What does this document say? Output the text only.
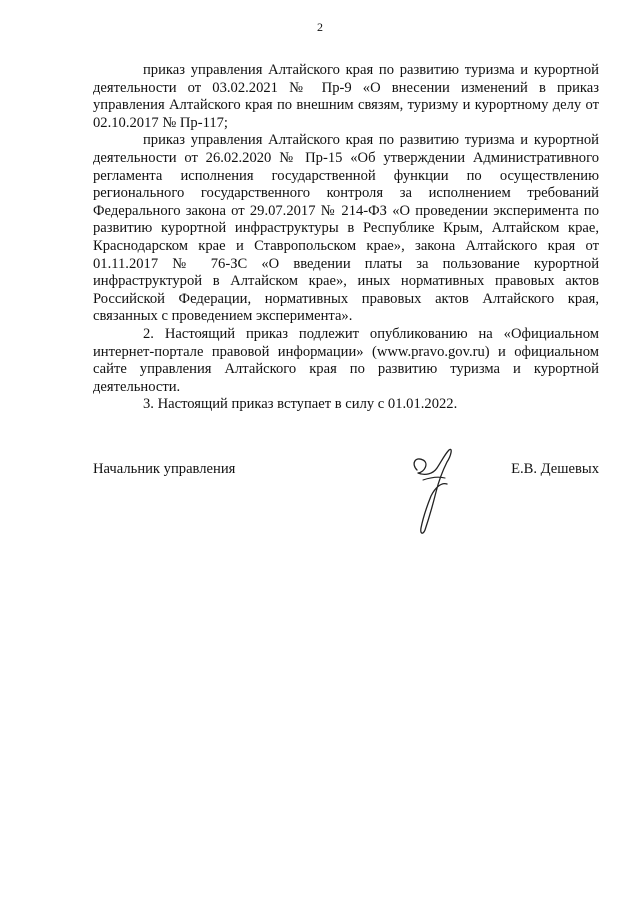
2

приказ управления Алтайского края по развитию туризма и курортной деятельности от 03.02.2021 № Пр-9 «О внесении изменений в приказ управления Алтайского края по внешним связям, туризму и курортному делу от 02.10.2017 № Пр-117;

приказ управления Алтайского края по развитию туризма и курортной деятельности от 26.02.2020 № Пр-15 «Об утверждении Административного регламента исполнения государственной функции по осуществлению регионального государственного контроля за исполнением требований Федерального закона от 29.07.2017 № 214-ФЗ «О проведении эксперимента по развитию курортной инфраструктуры в Республике Крым, Алтайском крае, Краснодарском крае и Ставропольском крае», закона Алтайского края от 01.11.2017 № 76-ЗС «О введении платы за пользование курортной инфраструктурой в Алтайском крае», иных нормативных правовых актов Российской Федерации, нормативных правовых актов Алтайского края, связанных с проведением эксперимента».

2. Настоящий приказ подлежит опубликованию на «Официальном интернет-портале правовой информации» (www.pravo.gov.ru) и официальном сайте управления Алтайского края по развитию туризма и курортной деятельности.

3. Настоящий приказ вступает в силу с 01.01.2022.

Начальник управления	Е.В. Дешевых
